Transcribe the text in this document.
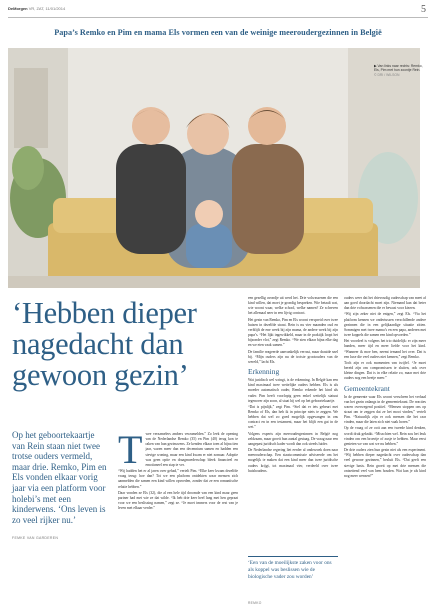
DeMorgen VR, ZAT, 11/01/2014	5
Papa’s Remko en Pim en mama Els vormen een van de weinige meeroudergezinnen in België
▶ Van links naar rechts: Remko, Els, Pim met hun zoontje Rein.
© DRI / WILSON
‘Hebben dieper nagedacht dan gewoon gezin’
Op het geboortekaartje van Rein staan niet twee trotse ouders vermeld, maar drie. Remko, Pim en Els vonden elkaar vorig jaar via een platform voor holebi’s met een kinderwens. ‘Ons leven is zo veel rijker nu.’
FEMKE VAN GARDEREN
T wee verzamelers ambers verzamelden.” Zo leek de opening van de Nederlandse Remko (35) en Pim (40) terug kon te raken van hun gezinswens. Ze kenden elkaar toen al bijna tien jaar, waren meer dan een decennium samen en hadden een stevige woning, maar een kind kwam er niet zomaar. Adoptie was geen optie en draagmoederschap bleek financieel en emotioneel een stap te ver.

“Wij hadden het er al jaren over gehad,” vertelt Pim. “Elke keer kwam dezelfde vraag terug: hoe dan? Tot we een platform ontdekten waar mensen zich aanmelden die samen een kind willen opvoeden, zonder dat ze een romantische relatie hebben.”

Daar vonden ze Els (32), die al een hele tijd droomde van een kind maar geen partner had met wie ze dat wilde. “Ik heb drie keer heel lang met hen gepraat voor we een beslissing namen,” zegt ze. “Je moet immers voor de rest van je leven met elkaar verder.”

een gezellig avondje uit werd het. Drie volwassenen die een kind willen, dat moet je grondig bespreken. Wie betaalt wat, wie woont waar, welke school, welke namen? Ze schreven het allemaal neer in een lijvig contract.

Het gezin van Remko, Pim en Els woont verspreid over twee huizen in dezelfde straat. Rein is nu vier maanden oud en verblijft de ene week bij zijn mama, de andere week bij zijn papa’s. “Het lijkt ingewikkeld, maar in de praktijk loopt het bijzonder vlot,” zegt Remko. “We zien elkaar bijna elke dag en we eten vaak samen.”

De familie reageerde aanvankelijk verrast, maar draaide snel bij. “Mijn ouders zijn nu de trotste grootouders van de wereld,” lacht Els.

Erkenning

Wat juridisch wel wringt, is de erkenning. In België kan een kind maximaal twee wettelijke ouders hebben. Els is als moeder automatisch ouder, Remko erkende het kind als vader. Pim heeft voorlopig geen enkel wettelijk statuut tegenover zijn zoon, al staat hij wel op het geboortekaartje.

“Dat is pijnlijk,” zegt Pim. “Stel dat er iets gebeurt met Remko of Els, dan heb ik in principe niets te zeggen. We hebben dat wel zo goed mogelijk opgevangen in ons contract en in een testament, maar het blijft een gat in de wet.”

Volgens experts zijn meeroudergezinnen in België nog zeldzaam, maar groeit hun aantal gestaag. De vraag naar een aangepast juridisch kader wordt dan ook steeds luider.

De Nederlandse regering liet eerder al onderzoek doen naar meerouderschap. Een staatscommissie adviseerde om het mogelijk te maken dat een kind meer dan twee juridische ouders krijgt, tot maximaal vier, verdeeld over twee huishoudens.

‘Een van de moeilijkste zaken voor ons als koppel was beslissen wie de biologische vader zou worden’
REMKO

ouders weer dat het drievoudig ouderschap van meet af aan goed doordacht moet zijn. Niemand kan dat beter dan drie volwassenen die er bewust voor kiezen.

“Wij zijn zeker niet de enigen,” zegt Els. “Via het platform kennen we ondertussen verschillende andere gezinnen die in een gelijkaardige situatie zitten. Sommigen met twee mama’s en een papa, anderen met twee koppels die samen een kind opvoeden.”

Het voordeel is volgens het trio duidelijk: er zijn meer handen, meer tijd en meer liefde voor het kind. “Wanneer ik moe ben, neemt iemand het over. Dat is een luxe die veel ouders niet kennen,” zegt Remko.

Toch zijn er ook momenten van twijfel. “Je moet bereid zijn om compromissen te sluiten, ook over kleine dingen. Dat is in elke relatie zo, maar met drie ouders nog een beetje meer.”

Gemeentekrant

In de gemeente waar Els woont verscheen het verhaal van het gezin onlangs in de gemeentekrant. De reacties waren overwegend positief. “Mensen stoppen ons op straat om te zeggen dat ze het mooi vinden,” vertelt Pim. “Natuurlijk zijn er ook mensen die het raar vinden, maar die laten zich niet vaak horen.”

Op de vraag of ze ooit aan een tweede kind denken, wordt druk geknikt. “Misschien wel. Rein zou het leuk vinden om een broertje of zusje te hebben. Maar eerst genieten we van wat we nu hebben.”

De drie ouders zien hun gezin niet als een experiment. “Wij hebben dieper nagedacht over ouderschap dan veel gewone gezinnen,” besluit Els. “Dat geeft een stevige basis. Rein groeit op met drie mensen die ontzettend veel van hem houden. Wat kan je als kind nog meer wensen?”
